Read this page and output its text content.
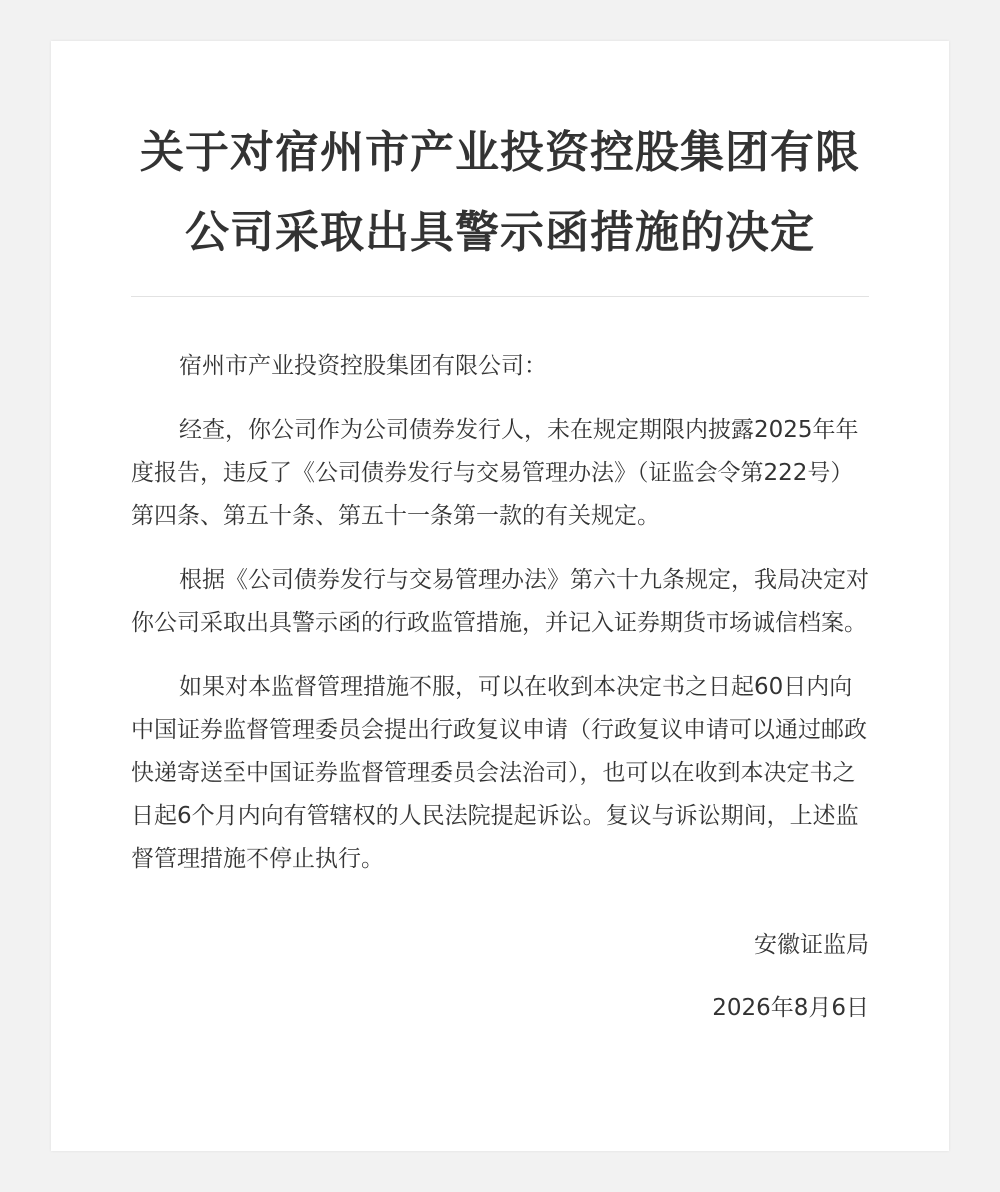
关于对宿州市产业投资控股集团有限
公司采取出具警示函措施的决定

宿州市产业投资控股集团有限公司：

经查，你公司作为公司债券发行人，未在规定期限内披露2025年年度报告，违反了《公司债券发行与交易管理办法》（证监会令第222号）第四条、第五十条、第五十一条第一款的有关规定。

根据《公司债券发行与交易管理办法》第六十九条规定，我局决定对你公司采取出具警示函的行政监管措施，并记入证券期货市场诚信档案。

如果对本监督管理措施不服，可以在收到本决定书之日起60日内向中国证券监督管理委员会提出行政复议申请（行政复议申请可以通过邮政快递寄送至中国证券监督管理委员会法治司），也可以在收到本决定书之日起6个月内向有管辖权的人民法院提起诉讼。复议与诉讼期间，上述监督管理措施不停止执行。

安徽证监局

2026年8月6日
